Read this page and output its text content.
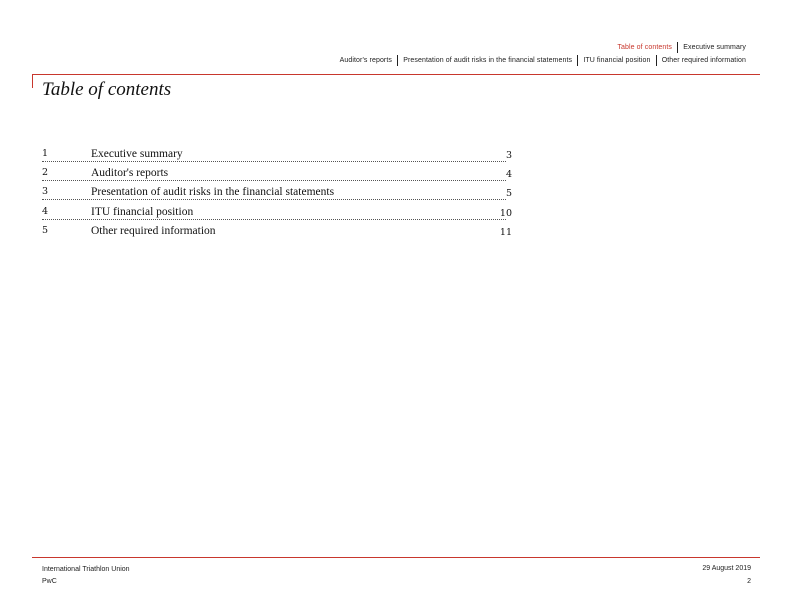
Table of contents Executive summary
Auditor's reports Presentation of audit risks in the financial statements ITU financial position Other required information
Table of contents
1	Executive summary	3
2	Auditor's reports	4
3	Presentation of audit risks in the financial statements	5
4	ITU financial position	10
5	Other required information	11
International Triathlon Union
PwC
29 August 2019
2
